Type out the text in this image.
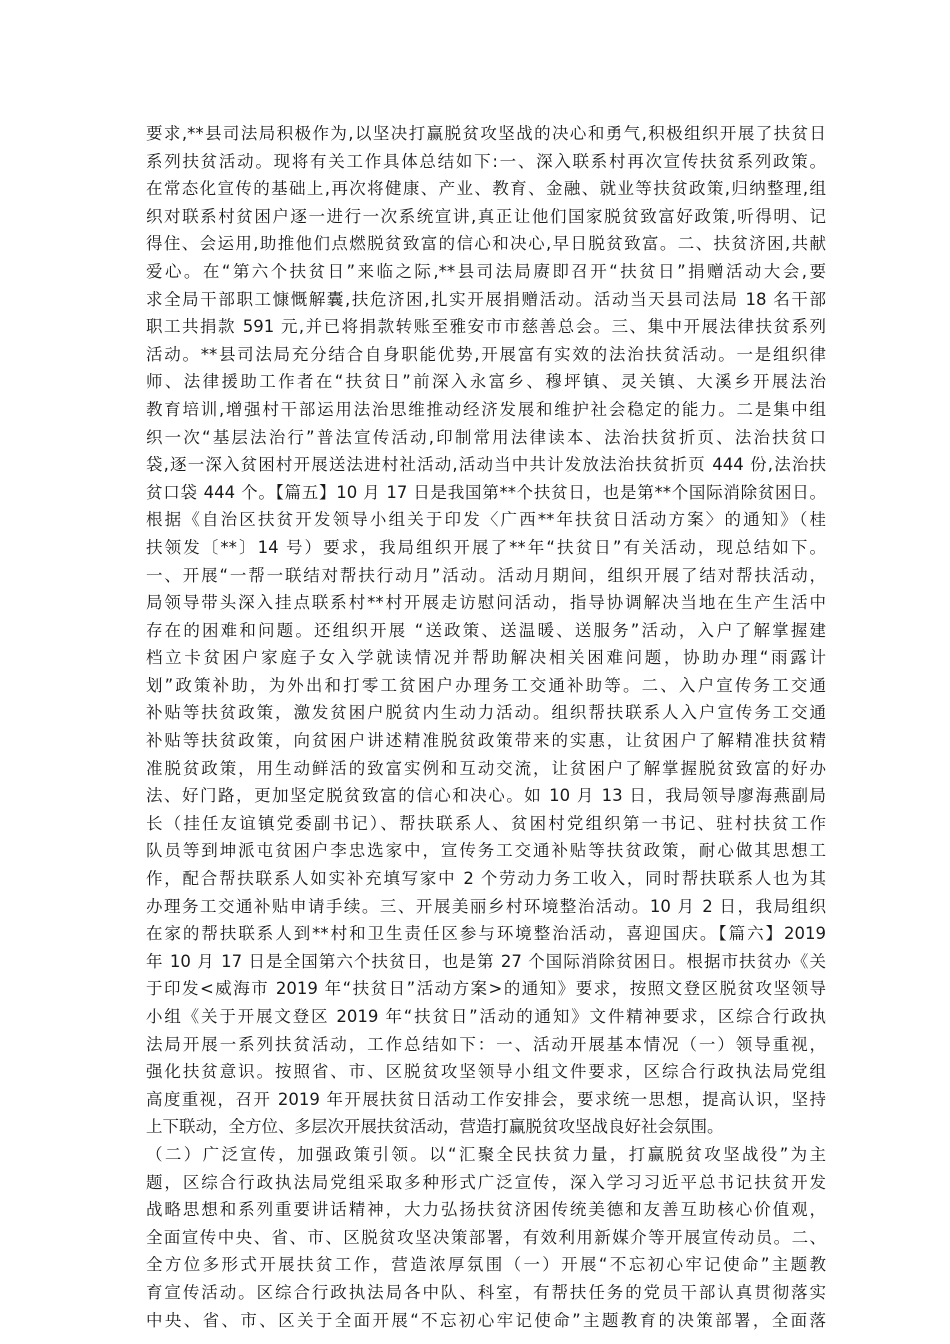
要求,**县司法局积极作为,以坚决打赢脱贫攻坚战的决心和勇气,积极组织开展了扶贫日
系列扶贫活动。现将有关工作具体总结如下:一、深入联系村再次宣传扶贫系列政策。
在常态化宣传的基础上,再次将健康、产业、教育、金融、就业等扶贫政策,归纳整理,组
织对联系村贫困户逐一进行一次系统宣讲,真正让他们国家脱贫致富好政策,听得明、记
得住、会运用,助推他们点燃脱贫致富的信心和决心,早日脱贫致富。二、扶贫济困,共献
爱心。在“第六个扶贫日”来临之际,**县司法局赓即召开“扶贫日”捐赠活动大会,要
求全局干部职工慷慨解囊,扶危济困,扎实开展捐赠活动。活动当天县司法局 18 名干部
职工共捐款 591 元,并已将捐款转账至雅安市市慈善总会。三、集中开展法律扶贫系列
活动。**县司法局充分结合自身职能优势,开展富有实效的法治扶贫活动。一是组织律
师、法律援助工作者在“扶贫日”前深入永富乡、穆坪镇、灵关镇、大溪乡开展法治
教育培训,增强村干部运用法治思维推动经济发展和维护社会稳定的能力。二是集中组
织一次“基层法治行”普法宣传活动,印制常用法律读本、法治扶贫折页、法治扶贫口
袋,逐一深入贫困村开展送法进村社活动,活动当中共计发放法治扶贫折页 444 份,法治扶
贫口袋 444 个。【篇五】10 月 17 日是我国第**个扶贫日，也是第**个国际消除贫困日。
根据《自治区扶贫开发领导小组关于印发〈广西**年扶贫日活动方案〉的通知》（桂
扶领发〔**〕14 号）要求，我局组织开展了**年“扶贫日”有关活动，现总结如下。
一、开展“一帮一联结对帮扶行动月”活动。活动月期间，组织开展了结对帮扶活动，
局领导带头深入挂点联系村**村开展走访慰问活动，指导协调解决当地在生产生活中
存在的困难和问题。还组织开展 “送政策、送温暖、送服务”活动，入户了解掌握建
档立卡贫困户家庭子女入学就读情况并帮助解决相关困难问题，协助办理“雨露计
划”政策补助，为外出和打零工贫困户办理务工交通补助等。二、入户宣传务工交通
补贴等扶贫政策，激发贫困户脱贫内生动力活动。组织帮扶联系人入户宣传务工交通
补贴等扶贫政策，向贫困户讲述精准脱贫政策带来的实惠，让贫困户了解精准扶贫精
准脱贫政策，用生动鲜活的致富实例和互动交流，让贫困户了解掌握脱贫致富的好办
法、好门路，更加坚定脱贫致富的信心和决心。如 10 月 13 日，我局领导廖海燕副局
长（挂任友谊镇党委副书记）、帮扶联系人、贫困村党组织第一书记、驻村扶贫工作
队员等到坤派屯贫困户李忠选家中，宣传务工交通补贴等扶贫政策，耐心做其思想工
作，配合帮扶联系人如实补充填写家中 2 个劳动力务工收入，同时帮扶联系人也为其
办理务工交通补贴申请手续。三、开展美丽乡村环境整治活动。10 月 2 日，我局组织
在家的帮扶联系人到**村和卫生责任区参与环境整治活动，喜迎国庆。【篇六】2019
年 10 月 17 日是全国第六个扶贫日，也是第 27 个国际消除贫困日。根据市扶贫办《关
于印发<威海市 2019 年“扶贫日”活动方案>的通知》要求，按照文登区脱贫攻坚领导
小组《关于开展文登区 2019 年“扶贫日”活动的通知》文件精神要求，区综合行政执
法局开展一系列扶贫活动，工作总结如下：一、活动开展基本情况（一）领导重视，
强化扶贫意识。按照省、市、区脱贫攻坚领导小组文件要求，区综合行政执法局党组
高度重视，召开 2019 年开展扶贫日活动工作安排会，要求统一思想，提高认识，坚持
上下联动，全方位、多层次开展扶贫活动，营造打赢脱贫攻坚战良好社会氛围。
（二）广泛宣传，加强政策引领。以“汇聚全民扶贫力量，打赢脱贫攻坚战役”为主
题，区综合行政执法局党组采取多种形式广泛宣传，深入学习习近平总书记扶贫开发
战略思想和系列重要讲话精神，大力弘扬扶贫济困传统美德和友善互助核心价值观，
全面宣传中央、省、市、区脱贫攻坚决策部署，有效利用新媒介等开展宣传动员。二、
全方位多形式开展扶贫工作，营造浓厚氛围（一）开展“不忘初心牢记使命”主题教
育宣传活动。区综合行政执法局各中队、科室，有帮扶任务的党员干部认真贯彻落实
中央、省、市、区关于全面开展“不忘初心牢记使命”主题教育的决策部署，全面落
